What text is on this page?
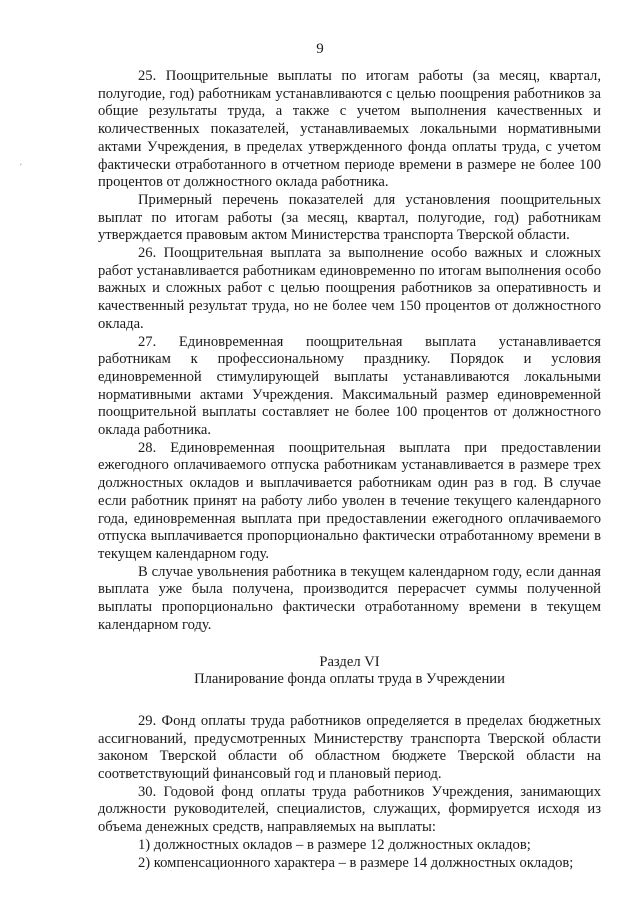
9
′

25. Поощрительные выплаты по итогам работы (за месяц, квартал, полугодие, год) работникам устанавливаются с целью поощрения работников за общие результаты труда, а также с учетом выполнения качественных и количественных показателей, устанавливаемых локальными нормативными актами Учреждения, в пределах утвержденного фонда оплаты труда, с учетом фактически отработанного в отчетном периоде времени в размере не более 100 процентов от должностного оклада работника.

Примерный перечень показателей для установления поощрительных выплат по итогам работы (за месяц, квартал, полугодие, год) работникам утверждается правовым актом Министерства транспорта Тверской области.

26. Поощрительная выплата за выполнение особо важных и сложных работ устанавливается работникам единовременно по итогам выполнения особо важных и сложных работ с целью поощрения работников за оперативность и качественный результат труда, но не более чем 150 процентов от должностного оклада.

27. Единовременная поощрительная выплата устанавливается работникам к профессиональному празднику. Порядок и условия единовременной стимулирующей выплаты устанавливаются локальными нормативными актами Учреждения. Максимальный размер единовременной поощрительной выплаты составляет не более 100 процентов от должностного оклада работника.

28. Единовременная поощрительная выплата при предоставлении ежегодного оплачиваемого отпуска работникам устанавливается в размере трех должностных окладов и выплачивается работникам один раз в год. В случае если работник принят на работу либо уволен в течение текущего календарного года, единовременная выплата при предоставлении ежегодного оплачиваемого отпуска выплачивается пропорционально фактически отработанному времени в текущем календарном году.

В случае увольнения работника в текущем календарном году, если данная выплата уже была получена, производится перерасчет суммы полученной выплаты пропорционально фактически отработанному времени в текущем календарном году.

Раздел VI

Планирование фонда оплаты труда в Учреждении

29. Фонд оплаты труда работников определяется в пределах бюджетных ассигнований, предусмотренных Министерству транспорта Тверской области законом Тверской области об областном бюджете Тверской области на соответствующий финансовый год и плановый период.

30. Годовой фонд оплаты труда работников Учреждения, занимающих должности руководителей, специалистов, служащих, формируется исходя из объема денежных средств, направляемых на выплаты:

1) должностных окладов – в размере 12 должностных окладов;

2) компенсационного характера – в размере 14 должностных окладов;
